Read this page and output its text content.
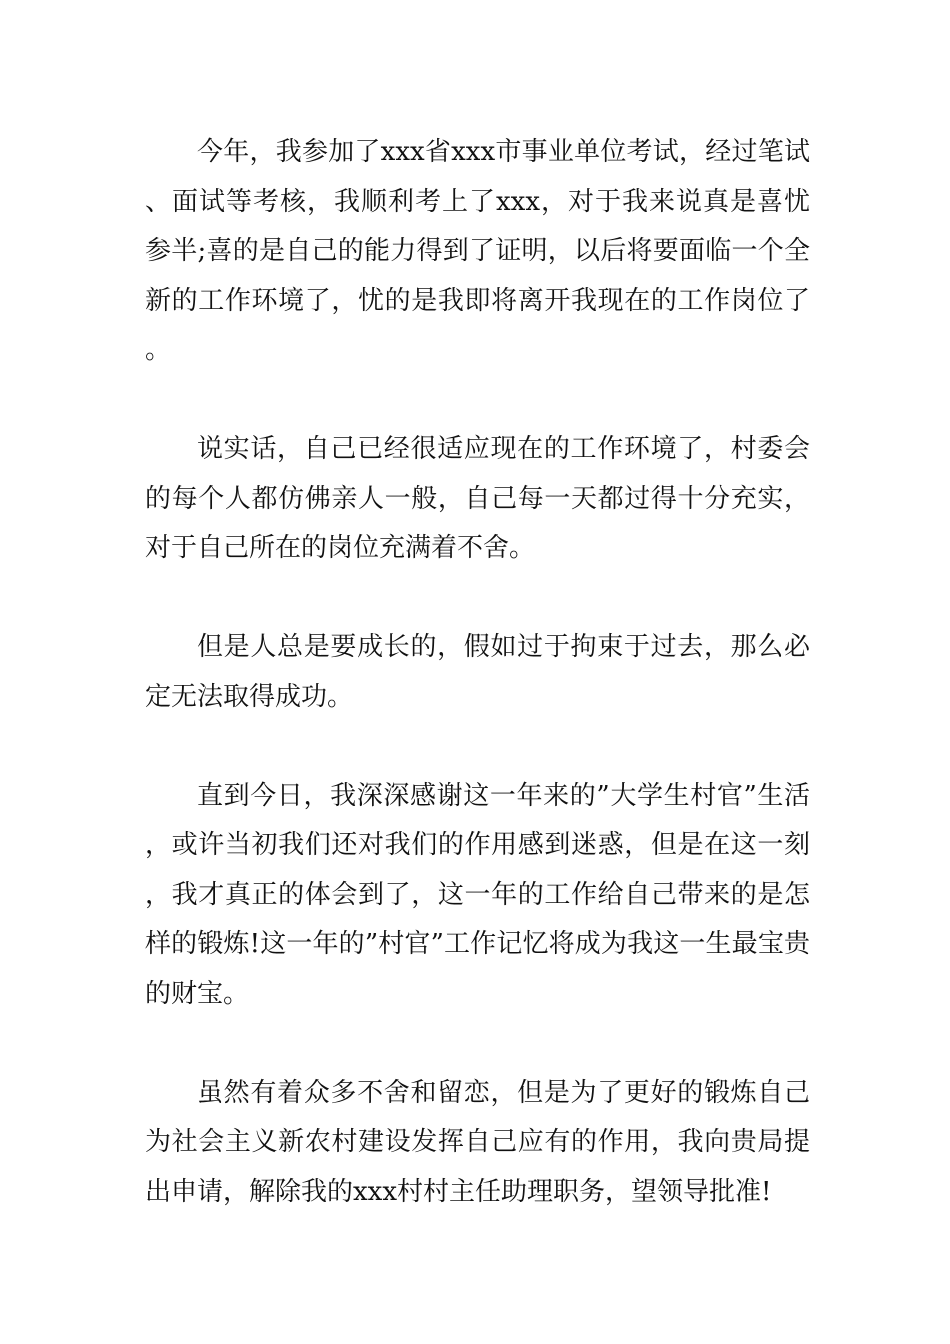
今年，我参加了xxx省xxx市事业单位考试，经过笔试、面试等考核，我顺利考上了xxx，对于我来说真是喜忧参半;喜的是自己的能力得到了证明，以后将要面临一个全新的工作环境了，忧的是我即将离开我现在的工作岗位了。

说实话，自己已经很适应现在的工作环境了，村委会的每个人都仿佛亲人一般，自己每一天都过得十分充实，对于自己所在的岗位充满着不舍。

但是人总是要成长的，假如过于拘束于过去，那么必定无法取得成功。

直到今日，我深深感谢这一年来的”大学生村官”生活，或许当初我们还对我们的作用感到迷惑，但是在这一刻，我才真正的体会到了，这一年的工作给自己带来的是怎样的锻炼!这一年的”村官”工作记忆将成为我这一生最宝贵的财宝。

虽然有着众多不舍和留恋，但是为了更好的锻炼自己为社会主义新农村建设发挥自己应有的作用，我向贵局提出申请，解除我的xxx村村主任助理职务，望领导批准!
